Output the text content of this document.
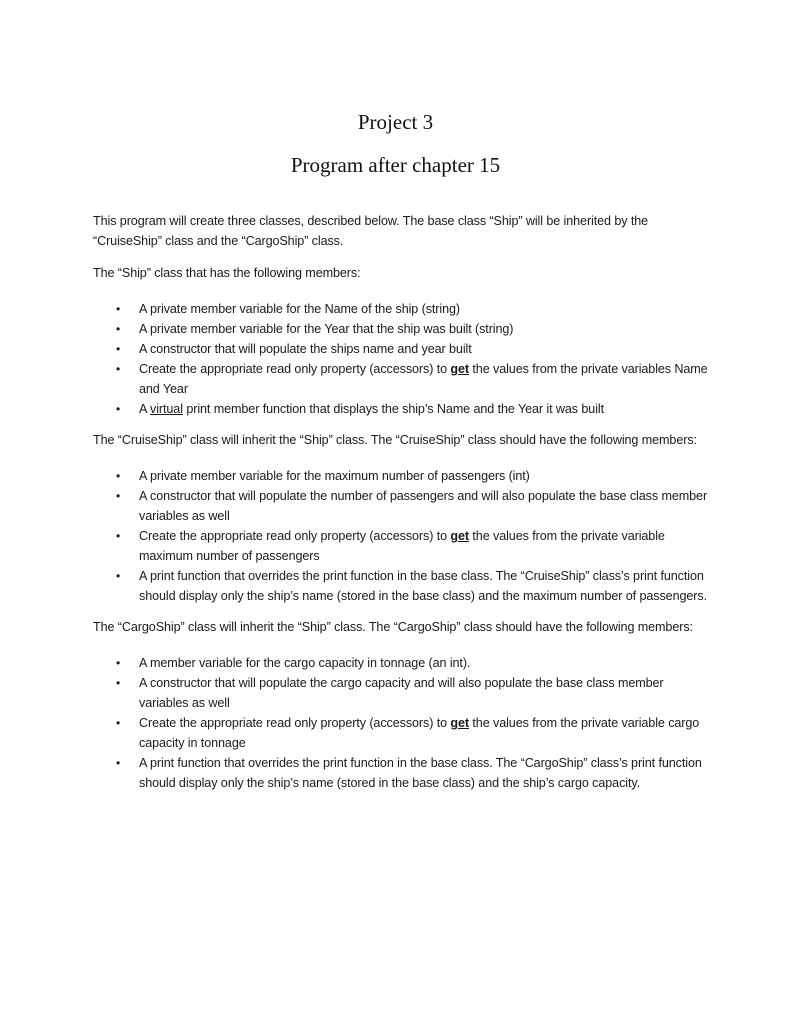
Project 3
Program after chapter 15

This program will create three classes, described below. The base class “Ship” will be inherited by the “CruiseShip” class and the “CargoShip” class.

The “Ship” class that has the following members:

• A private member variable for the Name of the ship (string)
• A private member variable for the Year that the ship was built (string)
• A constructor that will populate the ships name and year built
• Create the appropriate read only property (accessors) to get the values from the private variables Name and Year
• A virtual print member function that displays the ship’s Name and the Year it was built

The “CruiseShip” class will inherit the “Ship” class. The “CruiseShip” class should have the following members:

• A private member variable for the maximum number of passengers (int)
• A constructor that will populate the number of passengers and will also populate the base class member variables as well
• Create the appropriate read only property (accessors) to get the values from the private variable maximum number of passengers
• A print function that overrides the print function in the base class. The “CruiseShip” class’s print function should display only the ship’s name (stored in the base class) and the maximum number of passengers.

The “CargoShip” class will inherit the “Ship” class. The “CargoShip” class should have the following members:

• A member variable for the cargo capacity in tonnage (an int).
• A constructor that will populate the cargo capacity and will also populate the base class member variables as well
• Create the appropriate read only property (accessors) to get the values from the private variable cargo capacity in tonnage
• A print function that overrides the print function in the base class. The “CargoShip” class’s print function should display only the ship’s name (stored in the base class) and the ship’s cargo capacity.
